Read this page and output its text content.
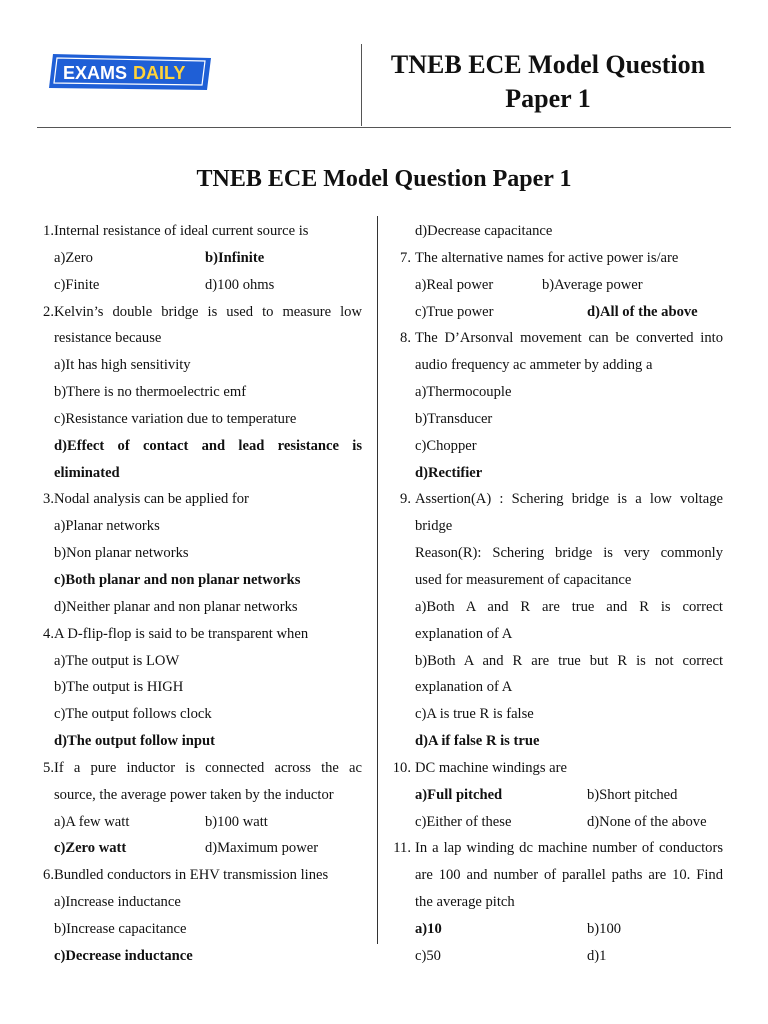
EXAMS DAILY	TNEB ECE Model Question
Paper 1
TNEB ECE Model Question Paper 1
1. Internal resistance of ideal current source is
a)Zero	b)Infinite
c)Finite	d)100 ohms
2. Kelvin’s double bridge is used to measure low
resistance because
a)It has high sensitivity
b)There is no thermoelectric emf
c)Resistance variation due to temperature
d)Effect of contact and lead resistance is
eliminated
3. Nodal analysis can be applied for
a)Planar networks
b)Non planar networks
c)Both planar and non planar networks
d)Neither planar and non planar networks
4. A D-flip-flop is said to be transparent when
a)The output is LOW
b)The output is HIGH
c)The output follows clock
d)The output follow input
5. If a pure inductor is connected across the ac
source, the average power taken by the inductor
a)A few watt	b)100 watt
c)Zero watt	d)Maximum power
6. Bundled conductors in EHV transmission lines
a)Increase inductance
b)Increase capacitance
c)Decrease inductance
d)Decrease capacitance
7. The alternative names for active power is/are
a)Real power	b)Average power
c)True power	d)All of the above
8. The D’Arsonval movement can be converted into
audio frequency ac ammeter by adding a
a)Thermocouple
b)Transducer
c)Chopper
d)Rectifier
9. Assertion(A) : Schering bridge is a low voltage
bridge
Reason(R): Schering bridge is very commonly
used for measurement of capacitance
a)Both A and R are true and R is correct
explanation of A
b)Both A and R are true but R is not correct
explanation of A
c)A is true R is false
d)A if false R is true
10. DC machine windings are
a)Full pitched	b)Short pitched
c)Either of these	d)None of the above
11. In a lap winding dc machine number of conductors
are 100 and number of parallel paths are 10. Find
the average pitch
a)10	b)100
c)50	d)1
